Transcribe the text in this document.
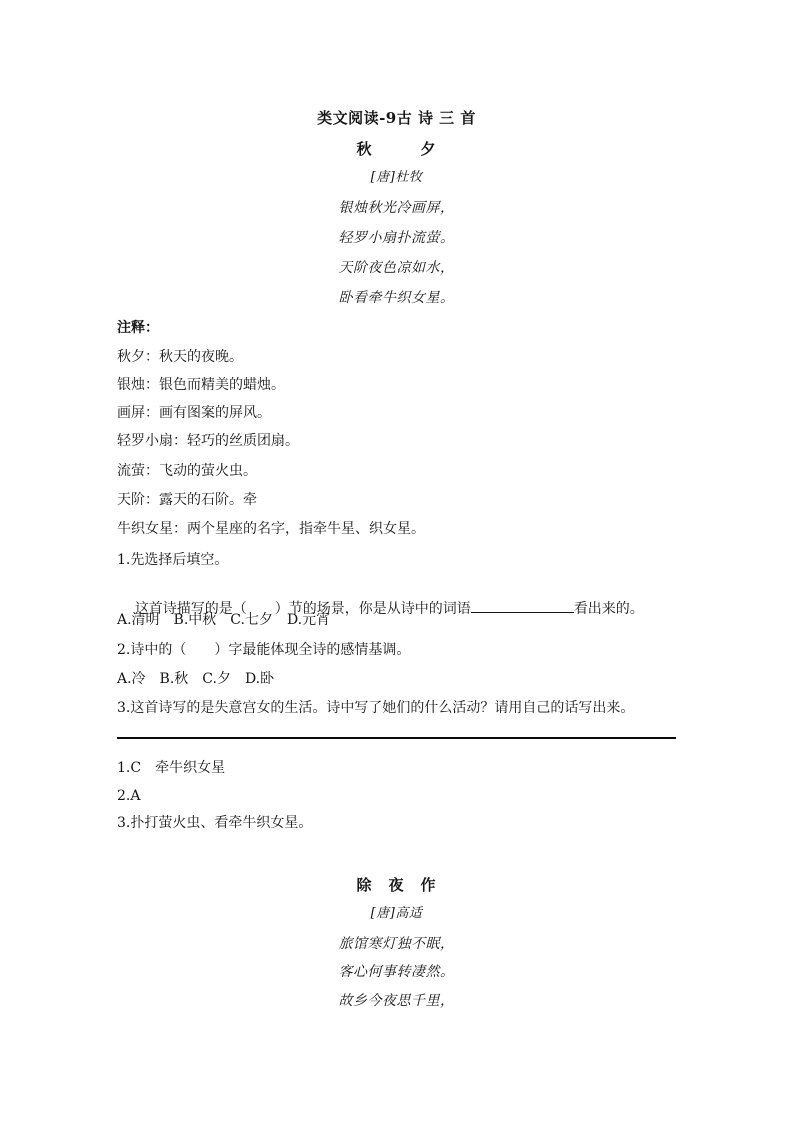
类文阅读-9古 诗 三 首
秋　　　夕
[唐]杜牧
银烛秋光冷画屏，
轻罗小扇扑流萤。
天阶夜色凉如水，
卧看牵牛织女星。
注释：
秋夕：秋天的夜晚。
银烛：银色而精美的蜡烛。
画屏：画有图案的屏风。
轻罗小扇：轻巧的丝质团扇。
流萤：飞动的萤火虫。
天阶：露天的石阶。牵
牛织女星：两个星座的名字，指牵牛星、织女星。
1.先选择后填空。

这首诗描写的是（　　）节的场景，你是从诗中的词语	看出来的。

A.清明　B.中秋　C.七夕　D.元宵
2.诗中的（　　）字最能体现全诗的感情基调。
A.冷　B.秋　C.夕　D.卧
3.这首诗写的是失意宫女的生活。诗中写了她们的什么活动？请用自己的话写出来。
1.C　牵牛织女星
2.A
3.扑打萤火虫、看牵牛织女星。
除　夜　作
[唐]高适
旅馆寒灯独不眠，
客心何事转凄然。
故乡今夜思千里，
